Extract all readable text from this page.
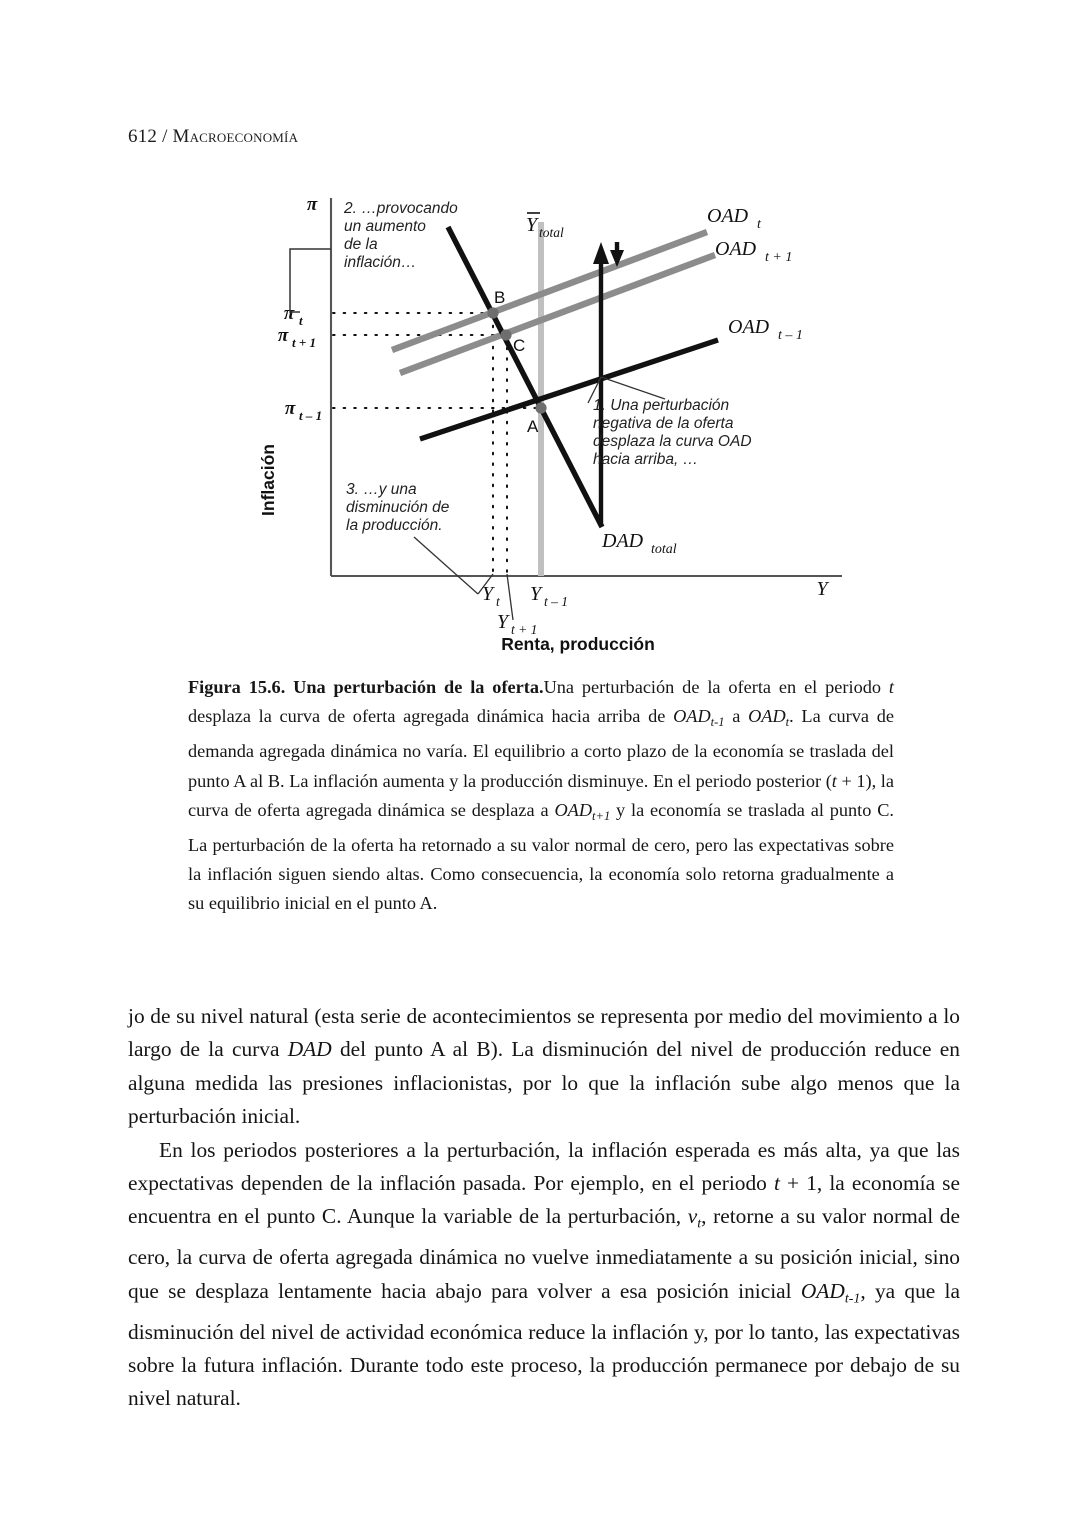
612 / Macroeconomía
π
Y
Inflación
Y total
OAD t
OAD t + 1
OAD t – 1
DAD total
B
C
A
π t
π t + 1
π t – 1
Y t
Y t + 1
Y t – 1
Renta, producción
2. …provocando
un aumento
de la
inflación…
1. Una perturbación
negativa de la oferta
desplaza la curva OAD
hacia arriba, …
3. …y una
disminución de
la producción.
Figura 15.6. Una perturbación de la oferta.Una perturbación de la oferta en el periodo t desplaza la curva de oferta agregada dinámica hacia arriba de $OAD_{t-1}$ a $OAD_t$. La curva de demanda agregada dinámica no varía. El equilibrio a corto plazo de la economía se traslada del punto A al B. La inflación aumenta y la producción disminuye. En el periodo posterior (t + 1), la curva de oferta agregada dinámica se desplaza a $OAD_{t+1}$ y la economía se traslada al punto C. La perturbación de la oferta ha retornado a su valor normal de cero, pero las expectativas sobre la inflación siguen siendo altas. Como consecuencia, la economía solo retorna gradualmente a su equilibrio inicial en el punto A.

jo de su nivel natural (esta serie de acontecimientos se representa por medio del movimiento a lo largo de la curva DAD del punto A al B). La disminución del nivel de producción reduce en alguna medida las presiones inflacionistas, por lo que la inflación sube algo menos que la perturbación inicial.

En los periodos posteriores a la perturbación, la inflación esperada es más alta, ya que las expectativas dependen de la inflación pasada. Por ejemplo, en el periodo t + 1, la economía se encuentra en el punto C. Aunque la variable de la perturbación, $v_t$, retorne a su valor normal de cero, la curva de oferta agregada dinámica no vuelve inmediatamente a su posición inicial, sino que se desplaza lentamente hacia abajo para volver a esa posición inicial $OAD_{t-1}$, ya que la disminución del nivel de actividad económica reduce la inflación y, por lo tanto, las expectativas sobre la futura inflación. Durante todo este proceso, la producción permanece por debajo de su nivel natural.
